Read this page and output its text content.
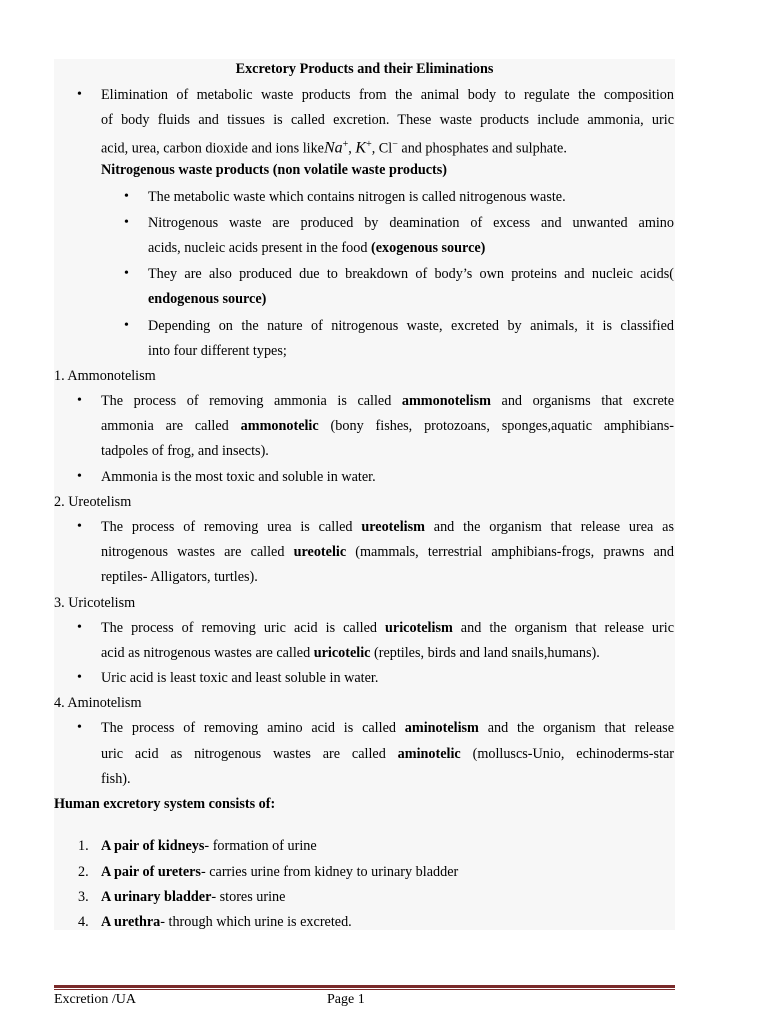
Excretory Products and their Eliminations
• Elimination of metabolic waste products from the animal body to regulate the composition
of body fluids and tissues is called excretion. These waste products include ammonia, uric
acid, urea, carbon dioxide and ions likeNa+, K+, Cl− and phosphates and sulphate.
Nitrogenous waste products (non volatile waste products)
• The metabolic waste which contains nitrogen is called nitrogenous waste.
• Nitrogenous waste are produced by deamination of excess and unwanted amino
acids, nucleic acids present in the food (exogenous source)
• They are also produced due to breakdown of body’s own proteins and nucleic acids(
endogenous source)
• Depending on the nature of nitrogenous waste, excreted by animals, it is classified
into four different types;
1. Ammonotelism
• The process of removing ammonia is called ammonotelism and organisms that excrete
ammonia are called ammonotelic (bony fishes, protozoans, sponges,aquatic amphibians-
tadpoles of frog, and insects).
• Ammonia is the most toxic and soluble in water.
2. Ureotelism
• The process of removing urea is called ureotelism and the organism that release urea as
nitrogenous wastes are called ureotelic (mammals, terrestrial amphibians-frogs, prawns and
reptiles- Alligators, turtles).
3. Uricotelism
• The process of removing uric acid is called uricotelism and the organism that release uric
acid as nitrogenous wastes are called uricotelic (reptiles, birds and land snails,humans).
• Uric acid is least toxic and least soluble in water.
4. Aminotelism
• The process of removing amino acid is called aminotelism and the organism that release
uric acid as nitrogenous wastes are called aminotelic (molluscs-Unio, echinoderms-star
fish).
Human excretory system consists of:
1. A pair of kidneys- formation of urine
2. A pair of ureters- carries urine from kidney to urinary bladder
3. A urinary bladder- stores urine
4. A urethra- through which urine is excreted.
Excretion /UA	Page 1
